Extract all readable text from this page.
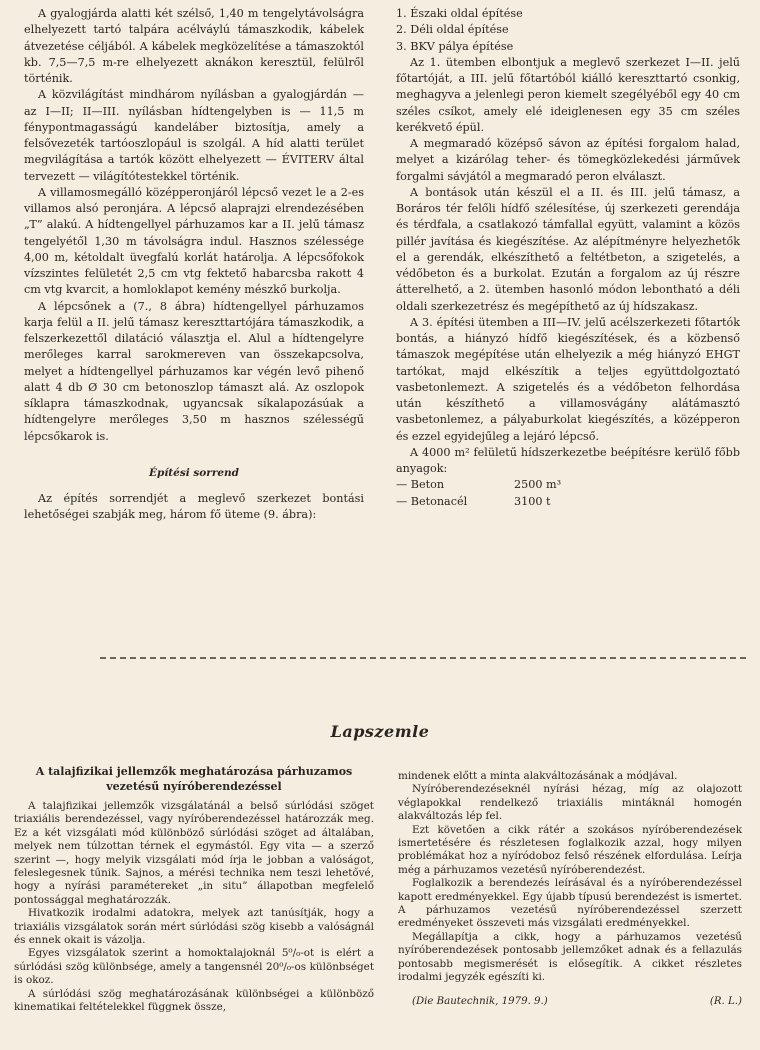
A gyalogjárda alatti két szélső, 1,40 m tengelytávolságra elhelyezett tartó talpára acélváylú támaszkodik, kábelek átvezetése céljából. A kábelek megközelítése a támaszoktól kb. 7,5—7,5 m-re elhelyezett aknákon keresztül, felülről történik.

A közvilágítást mindhárom nyílásban a gyalogjárdán — az I—II; II—III. nyílásban hídtengelyben is — 11,5 m fénypontmagasságú kandeláber biztosítja, amely a felsővezeték tartóoszlopául is szolgál. A híd alatti terület megvilágítása a tartók között elhelyezett — ÉVITERV által tervezett — világítótestekkel történik.

A villamosmegálló középperonjáról lépcső vezet le a 2-es villamos alsó peronjára. A lépcső alaprajzi elrendezésében „T” alakú. A hídtengellyel párhuzamos kar a II. jelű támasz tengelyétől 1,30 m távolságra indul. Hasznos szélessége 4,00 m, kétoldalt üvegfalú korlát határolja. A lépcsőfokok vízszintes felületét 2,5 cm vtg fektető habarcsba rakott 4 cm vtg kvarcit, a homloklapot kemény mészkő burkolja.

A lépcsőnek a (7., 8 ábra) hídtengellyel párhuzamos karja felül a II. jelű támasz kereszttartójára támaszkodik, a felszerkezettől dilatáció választja el. Alul a hídtengelyre merőleges karral sarokmereven van összekapcsolva, melyet a hídtengellyel párhuzamos kar végén levő pihenő alatt 4 db Ø 30 cm betonoszlop támaszt alá. Az oszlopok síklapra támaszkodnak, ugyancsak síkalapozásúak a hídtengelyre merőleges 3,50 m hasznos szélességű lépcsőkarok is.

Építési sorrend

Az építés sorrendjét a meglevő szerkezet bontási lehetőségei szabják meg, három fő üteme (9. ábra):

1. Északi oldal építése
2. Déli oldal építése
3. BKV pálya építése

Az 1. ütemben elbontjuk a meglevő szerkezet I—II. jelű főtartóját, a III. jelű főtartóból kiálló kereszttartó csonkig, meghagyva a jelenlegi peron kiemelt szegélyéből egy 40 cm széles csíkot, amely elé ideiglenesen egy 35 cm széles kerékvető épül.

A megmaradó középső sávon az építési forgalom halad, melyet a kizárólag teher- és tömegközlekedési járművek forgalmi sávjától a megmaradó peron elválaszt.

A bontások után készül el a II. és III. jelű támasz, a Boráros tér felőli hídfő szélesítése, új szerkezeti gerendája és térdfala, a csatlakozó támfallal együtt, valamint a közös pillér javítása és kiegészítése. Az alépítményre helyezhetők el a gerendák, elkészíthető a feltétbeton, a szigetelés, a védőbeton és a burkolat. Ezután a forgalom az új részre átterelhető, a 2. ütemben hasonló módon lebontható a déli oldali szerkezetrész és megépíthető az új hídszakasz.

A 3. építési ütemben a III—IV. jelű acélszerkezeti főtartók bontás, a hiányzó hídfő kiegészítések, és a közbenső támaszok megépítése után elhelyezik a még hiányzó EHGT tartókat, majd elkészítik a teljes együttdolgoztató vasbetonlemezt. A szigetelés és a védőbeton felhordása után készíthető a villamosvágány alátámasztó vasbetonlemez, a pályaburkolat kiegészítés, a középperon és ezzel egyidejűleg a lejáró lépcső.

A 4000 m² felületű hídszerkezetbe beépítésre kerülő főbb anyagok:

— Beton	2500 m³
— Betonacél	3100 t
Lapszemle
A talajfizikai jellemzők meghatározása párhuzamos vezetésű nyíróberendezéssel

A talajfizikai jellemzők vizsgálatánál a belső súrlódási szöget triaxiális berendezéssel, vagy nyíróberendezéssel határozzák meg. Ez a két vizsgálati mód különböző súrlódási szöget ad általában, melyek nem túlzottan térnek el egymástól. Egy vita — a szerző szerint —, hogy melyik vizsgálati mód írja le jobban a valóságot, feleslegesnek tűnik. Sajnos, a mérési technika nem teszi lehetővé, hogy a nyírási paramétereket „in situ” állapotban megfelelő pontossággal meghatározzák.

Hivatkozik irodalmi adatokra, melyek azt tanúsítják, hogy a triaxiális vizsgálatok során mért súrlódási szög kisebb a valóságnál és ennek okait is vázolja.

Egyes vizsgálatok szerint a homoktalajoknál 5⁰/₀-ot is elért a súrlódási szög különbsége, amely a tangensnél 20⁰/₀-os különbséget is okoz.

A súrlódási szög meghatározásának különbségei a különböző kinematikai feltételekkel függnek össze,

mindenek előtt a minta alakváltozásának a módjával.

Nyíróberendezéseknél nyírási hézag, míg az olajozott véglapokkal rendelkező triaxiális mintáknál homogén alakváltozás lép fel.

Ezt követően a cikk rátér a szokásos nyíróberendezések ismertetésére és részletesen foglalkozik azzal, hogy milyen problémákat hoz a nyíródoboz felső részének elfordulása. Leírja még a párhuzamos vezetésű nyíróberendezést.

Foglalkozik a berendezés leírásával és a nyíróberendezéssel kapott eredményekkel. Egy újabb típusú berendezést is ismertet. A párhuzamos vezetésű nyíróberendezéssel szerzett eredményeket összeveti más vizsgálati eredményekkel.

Megállapítja a cikk, hogy a párhuzamos vezetésű nyíróberendezések pontosabb jellemzőket adnak és a fellazulás pontosabb megismerését is elősegítik. A cikket részletes irodalmi jegyzék egészíti ki.

(Die Bautechnik, 1979. 9.)	(R. L.)
